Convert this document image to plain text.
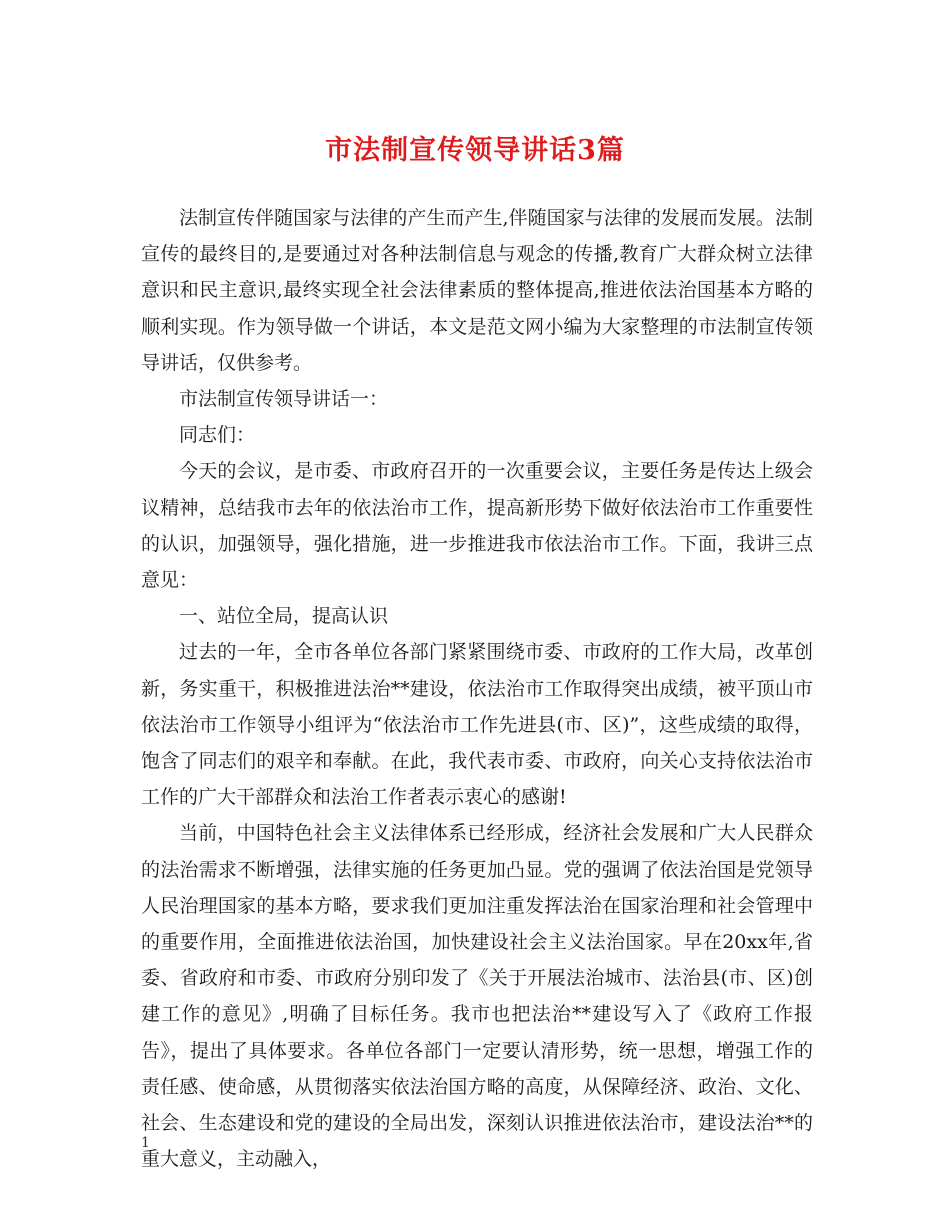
市法制宣传领导讲话3篇

法制宣传伴随国家与法律的产生而产生,伴随国家与法律的发展而发展。法制宣传的最终目的,是要通过对各种法制信息与观念的传播,教育广大群众树立法律意识和民主意识,最终实现全社会法律素质的整体提高,推进依法治国基本方略的顺利实现。作为领导做一个讲话，本文是范文网小编为大家整理的市法制宣传领导讲话，仅供参考。

市法制宣传领导讲话一：

同志们：

今天的会议，是市委、市政府召开的一次重要会议，主要任务是传达上级会议精神，总结我市去年的依法治市工作，提高新形势下做好依法治市工作重要性的认识，加强领导，强化措施，进一步推进我市依法治市工作。下面，我讲三点意见：

一、站位全局，提高认识

过去的一年，全市各单位各部门紧紧围绕市委、市政府的工作大局，改革创新，务实重干，积极推进法治**建设，依法治市工作取得突出成绩，被平顶山市依法治市工作领导小组评为“依法治市工作先进县(市、区)”，这些成绩的取得，饱含了同志们的艰辛和奉献。在此，我代表市委、市政府，向关心支持依法治市工作的广大干部群众和法治工作者表示衷心的感谢!

当前，中国特色社会主义法律体系已经形成，经济社会发展和广大人民群众的法治需求不断增强，法律实施的任务更加凸显。党的强调了依法治国是党领导人民治理国家的基本方略，要求我们更加注重发挥法治在国家治理和社会管理中的重要作用，全面推进依法治国，加快建设社会主义法治国家。早在20xx年,省委、省政府和市委、市政府分别印发了《关于开展法治城市、法治县(市、区)创建工作的意见》,明确了目标任务。我市也把法治**建设写入了《政府工作报告》，提出了具体要求。各单位各部门一定要认清形势，统一思想，增强工作的责任感、使命感，从贯彻落实依法治国方略的高度，从保障经济、政治、文化、社会、生态建设和党的建设的全局出发，深刻认识推进依法治市，建设法治**的重大意义，主动融入，

1
